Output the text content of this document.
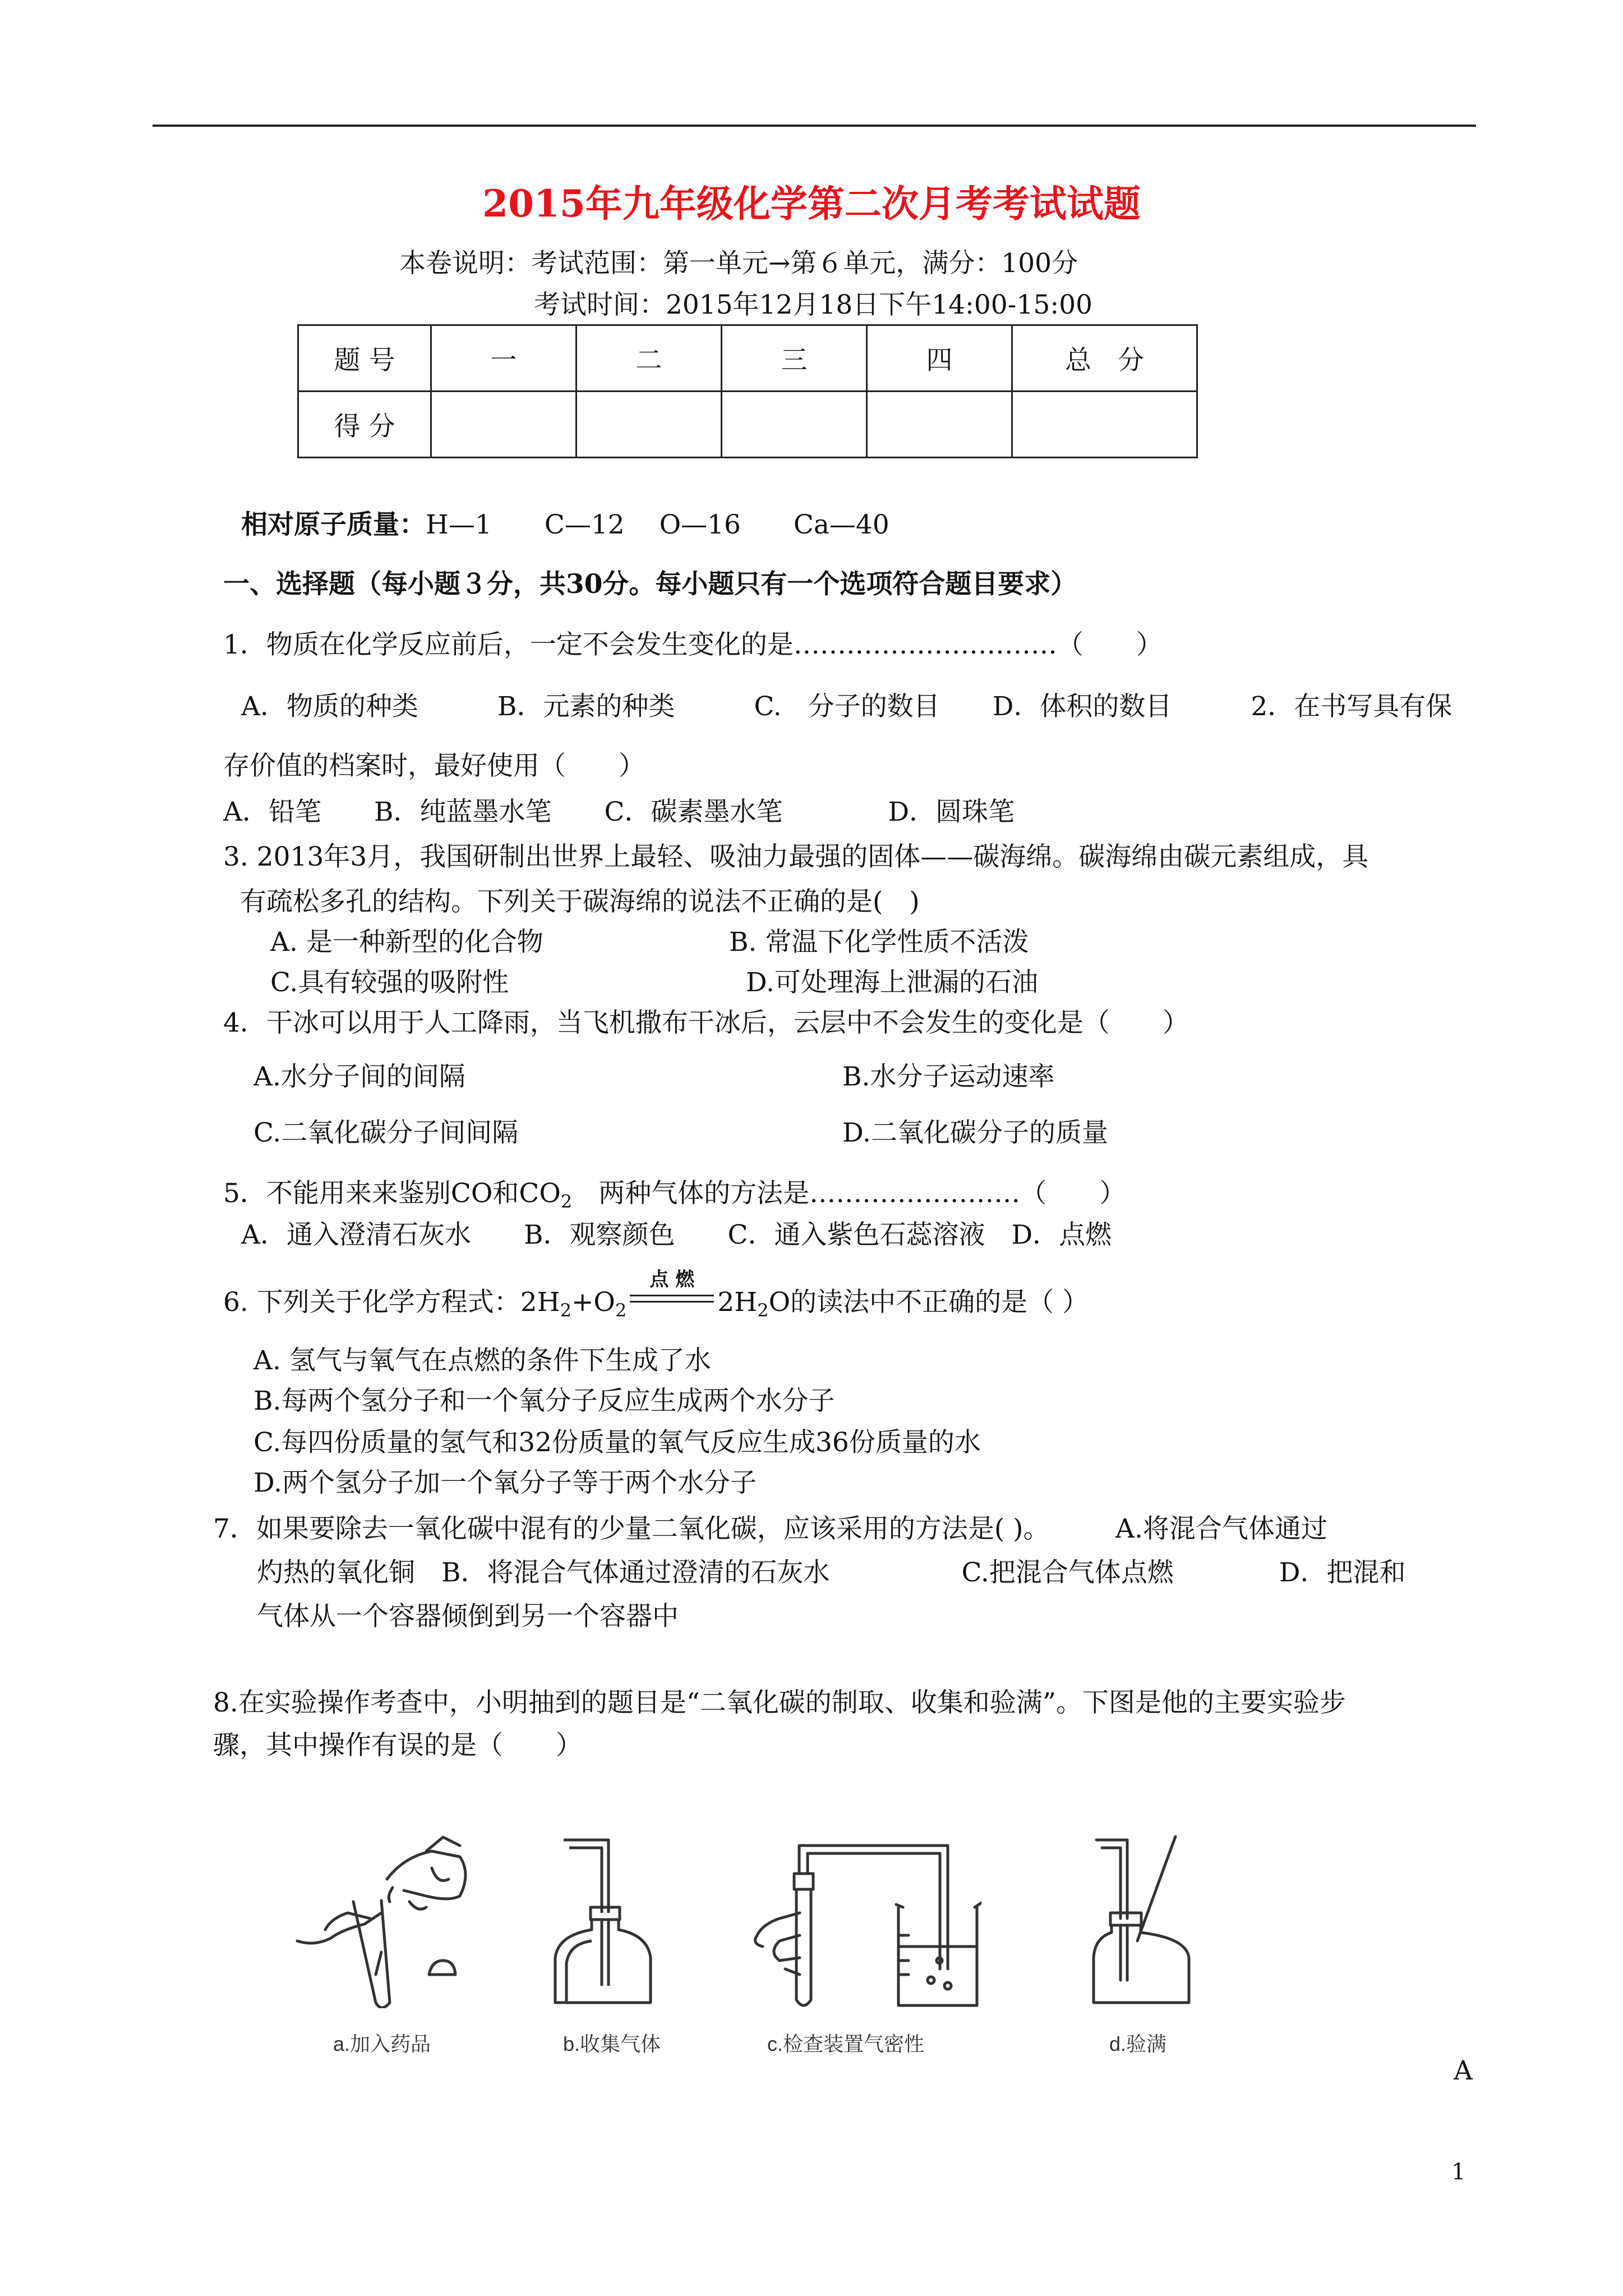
2015年九年级化学第二次月考考试试题
本卷说明：考试范围：第一单元→第６单元，满分：100分
考试时间：2015年12月18日下午14:00-15:00
题 号	一	二	三	四	总　分
得 分					
相对原子质量：H—1　　C—12　 O—16　　Ca—40
一、选择题（每小题３分，共30分。每小题只有一个选项符合题目要求）
1．物质在化学反应前后，一定不会发生变化的是…………………………（　　）
A．物质的种类　　　B．元素的种类　　　C.　分子的数目　　D．体积的数目　　　2．在书写具有保
存价值的档案时，最好使用（　　）
A．铅笔　　B．纯蓝墨水笔　　C．碳素墨水笔　　　　D．圆珠笔
3. 2013年3月，我国研制出世界上最轻、吸油力最强的固体——碳海绵。碳海绵由碳元素组成，具
有疏松多孔的结构。下列关于碳海绵的说法不正确的是(　)
A. 是一种新型的化合物	B. 常温下化学性质不活泼
C.具有较强的吸附性	D.可处理海上泄漏的石油
4．干冰可以用于人工降雨，当飞机撒布干冰后，云层中不会发生的变化是（　　）
A.水分子间的间隔	B.水分子运动速率
C.二氧化碳分子间间隔	D.二氧化碳分子的质量
5．不能用来来鉴别CO和$CO_2$　两种气体的方法是……………………（　　）
A．通入澄清石灰水　　B．观察颜色　　C．通入紫色石蕊溶液　D．点燃
6. 下列关于化学方程式：$2H_2+O_2$
点 燃
$2H_2O$的读法中不正确的是（ ）
A. 氢气与氧气在点燃的条件下生成了水
B.每两个氢分子和一个氧分子反应生成两个水分子
C.每四份质量的氢气和32份质量的氧气反应生成36份质量的水
D.两个氢分子加一个氧分子等于两个水分子
7．如果要除去一氧化碳中混有的少量二氧化碳，应该采用的方法是( )。　　　A.将混合气体通过
灼热的氧化铜　B．将混合气体通过澄清的石灰水　　　　　C.把混合气体点燃　　　　D．把混和
气体从一个容器倾倒到另一个容器中
8.在实验操作考查中，小明抽到的题目是“二氧化碳的制取、收集和验满”。下图是他的主要实验步
骤，其中操作有误的是（　　）
a.加入药品	b.收集气体	c.检查装置气密性	d.验满
A
1
